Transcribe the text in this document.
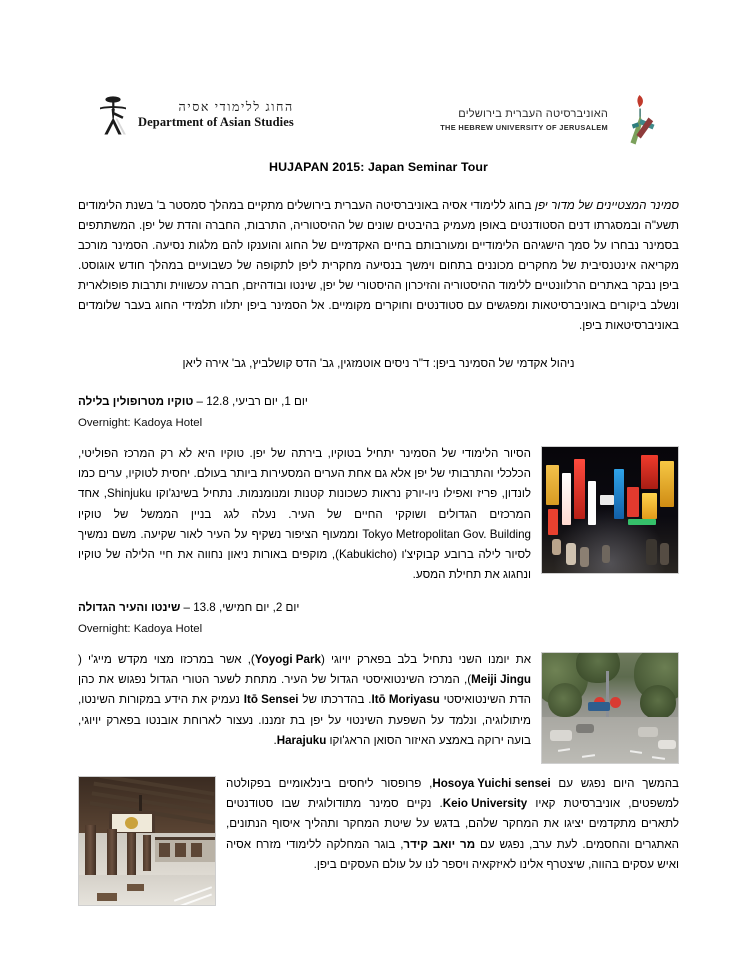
החוג ללימודי אסיה
Department of Asian Studies
האוניברסיטה העברית בירושלים
THE HEBREW UNIVERSITY OF JERUSALEM
HUJAPAN 2015: Japan Seminar Tour

סמינר המצטיינים של מדור יפן בחוג ללימודי אסיה באוניברסיטה העברית בירושלים מתקיים במהלך סמסטר ב' בשנת הלימודים תשע"ה ובמסגרתו דנים הסטודנטים באופן מעמיק בהיבטים שונים של ההיסטוריה, התרבות, החברה והדת של יפן. המשתתפים בסמינר נבחרו על סמך הישגיהם הלימודיים ומעורבותם בחיים האקדמיים של החוג והוענקו להם מלגות נסיעה. הסמינר מורכב מקריאה אינטנסיבית של מחקרים מכוננים בתחום וימשך בנסיעה מחקרית ליפן לתקופה של כשבועיים במהלך חודש אוגוסט. ביפן נבקר באתרים הרלוונטיים ללימוד ההיסטוריה והזיכרון ההיסטורי של יפן, שינטו ובודהיזם, חברה עכשווית ותרבות פופולארית ונשלב ביקורים באוניברסיטאות ומפגשים עם סטודנטים וחוקרים מקומיים. אל הסמינר ביפן יתלוו תלמידי החוג בעבר שלומדים באוניברסיטאות ביפן.

ניהול אקדמי של הסמינר ביפן: ד"ר ניסים אוטמזגין, גב' הדס קושלביץ, גב' אירה ליאן

יום 1, יום רביעי, 12.8 – טוקיו מטרופולין בלילה
Overnight: Kadoya Hotel

הסיור הלימודי של הסמינר יתחיל בטוקיו, בירתה של יפן. טוקיו היא לא רק המרכז הפוליטי, הכלכלי והתרבותי של יפן אלא גם אחת הערים המסעירות ביותר בעולם. יחסית לטוקיו, ערים כמו לונדון, פריז ואפילו ניו-יורק נראות כשכונות קטנות ומנומנמות. נתחיל בשינג'וקו Shinjuku, אחד המרכזים הגדולים ושוקקי החיים של העיר. נעלה לגג בניין הממשל של טוקיו Tokyo Metropolitan Gov. Building וממעוף הציפור נשקיף על העיר לאור שקיעה. משם נמשיך לסיור לילה ברובע קבוקיצ'ו (Kabukicho), מוקפים באורות ניאון נחווה את חיי הלילה של טוקיו ונחגוג את תחילת המסע.

יום 2, יום חמישי, 13.8 – שינטו והעיר הגדולה
Overnight: Kadoya Hotel

את יומנו השני נתחיל בלב בפארק יויוגי (Yoyogi Park), אשר במרכזו מצוי מקדש מייג'י (Meiji Jingu), המרכז השינטואיסטי הגדול של העיר. מתחת לשער הטורי הגדול נפגוש את כהן הדת השינטואיסטי Itō Moriyasu. בהדרכתו של Itō Sensei נעמיק את הידע במקורות השינטו, מיתולוגיה, ונלמד על השפעת השינטוי על יפן בת זמננו. נעצור לארוחת אובנטו בפארק יויוגי, בועה ירוקה באמצע האיזור הסואן הראג'וקו Harajuku.

בהמשך היום נפגש עם Hosoya Yuichi sensei, פרופסור ליחסים בינלאומיים בפקולטה למשפטים, אוניברסיטת קאיו Keio University. נקיים סמינר מתודולוגית שבו סטודנטים לתארים מתקדמים יציגו את המחקר שלהם, בדגש על שיטת המחקר ותהליך איסוף הנתונים, האתגרים והחסמים. לעת ערב, נפגש עם מר יואב קידר, בוגר המחלקה ללימודי מזרח אסיה ואיש עסקים בהווה, שיצטרף אלינו לאיזקאיה ויספר לנו על עולם העסקים ביפן.
